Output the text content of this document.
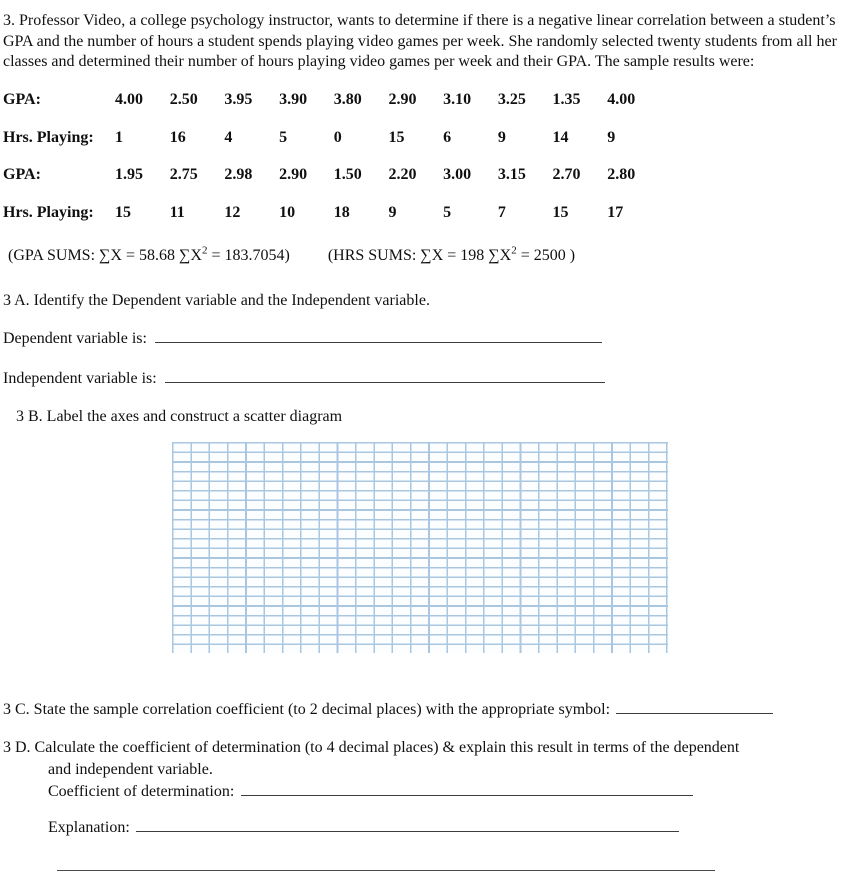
3. Professor Video, a college psychology instructor, wants to determine if there is a negative linear correlation between a student’s GPA and the number of hours a student spends playing video games per week. She randomly selected twenty students from all her classes and determined their number of hours playing video games per week and their GPA. The sample results were:
GPA:	4.00	2.50	3.95	3.90	3.80	2.90	3.10	3.25	1.35	4.00
Hrs. Playing:	1	16	4	5	0	15	6	9	14	9
GPA:	1.95	2.75	2.98	2.90	1.50	2.20	3.00	3.15	2.70	2.80
Hrs. Playing:	15	11	12	10	18	9	5	7	15	17
(GPA SUMS: ∑X = 58.68 $\sum X^2 = 183.7054$) (HRS SUMS: ∑X = 198 $\sum X^2 = 2500$ )
3 A. Identify the Dependent variable and the Independent variable.
Dependent variable is:
Independent variable is:
3 B. Label the axes and construct a scatter diagram
3 C. State the sample correlation coefficient (to 2 decimal places) with the appropriate symbol:
3 D. Calculate the coefficient of determination (to 4 decimal places) & explain this result in terms of the dependent
and independent variable.
Coefficient of determination:
Explanation:
